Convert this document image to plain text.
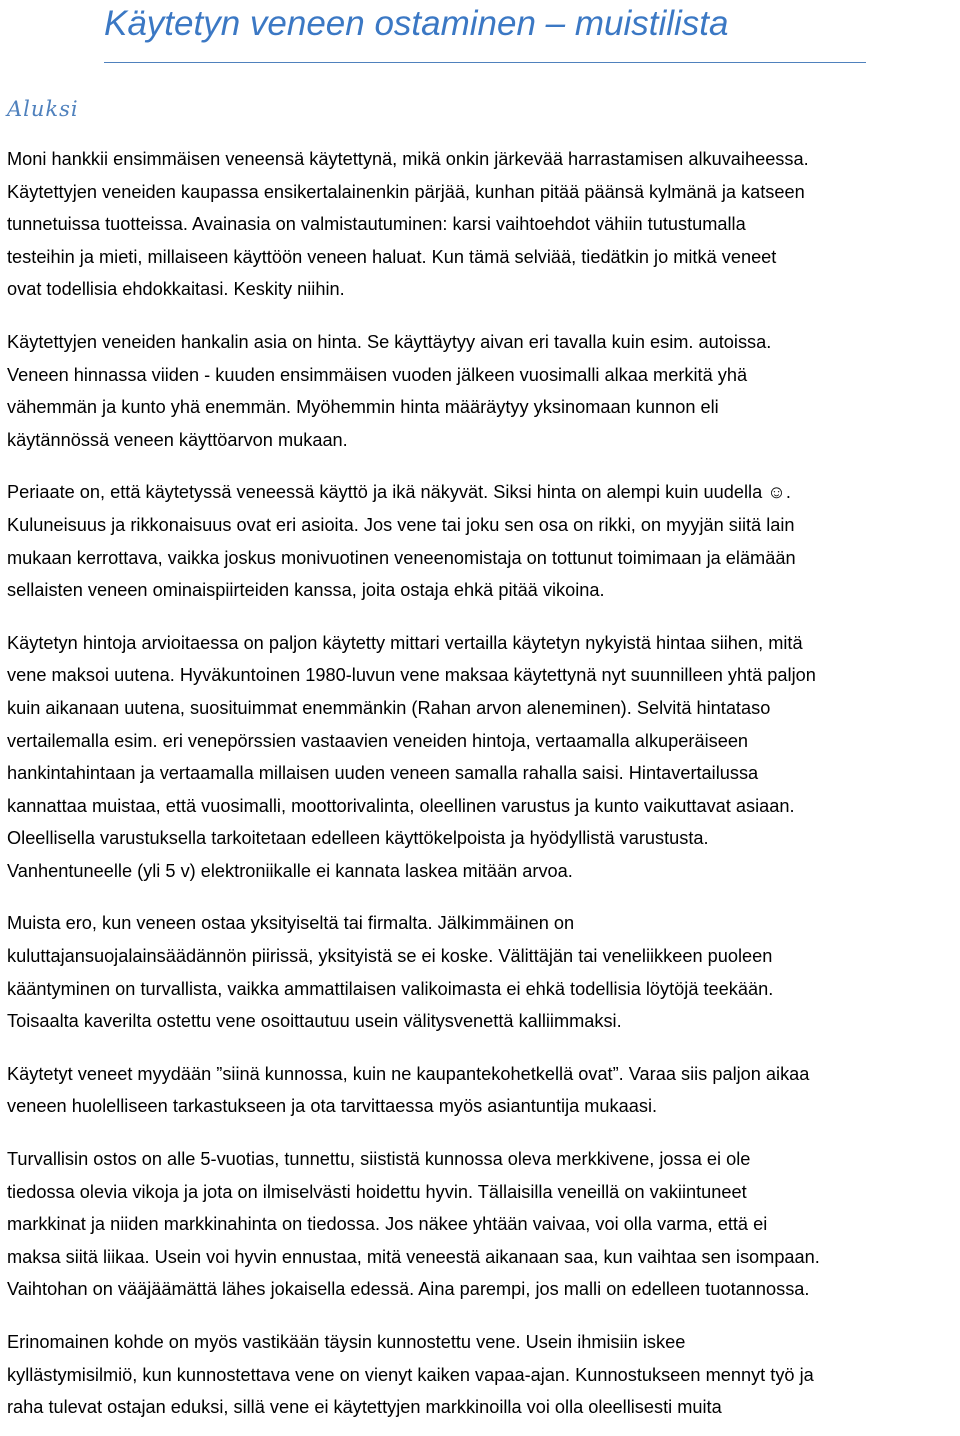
Käytetyn veneen ostaminen – muistilista
Aluksi

Moni hankkii ensimmäisen veneensä käytettynä, mikä onkin järkevää harrastamisen alkuvaiheessa.
Käytettyjen veneiden kaupassa ensikertalainenkin pärjää, kunhan pitää päänsä kylmänä ja katseen
tunnetuissa tuotteissa. Avainasia on valmistautuminen: karsi vaihtoehdot vähiin tutustumalla
testeihin ja mieti, millaiseen käyttöön veneen haluat. Kun tämä selviää, tiedätkin jo mitkä veneet
ovat todellisia ehdokkaitasi. Keskity niihin.

Käytettyjen veneiden hankalin asia on hinta. Se käyttäytyy aivan eri tavalla kuin esim. autoissa.
Veneen hinnassa viiden - kuuden ensimmäisen vuoden jälkeen vuosimalli alkaa merkitä yhä
vähemmän ja kunto yhä enemmän. Myöhemmin hinta määräytyy yksinomaan kunnon eli
käytännössä veneen käyttöarvon mukaan.

Periaate on, että käytetyssä veneessä käyttö ja ikä näkyvät. Siksi hinta on alempi kuin uudella ☺.
Kuluneisuus ja rikkonaisuus ovat eri asioita. Jos vene tai joku sen osa on rikki, on myyjän siitä lain
mukaan kerrottava, vaikka joskus monivuotinen veneenomistaja on tottunut toimimaan ja elämään
sellaisten veneen ominaispiirteiden kanssa, joita ostaja ehkä pitää vikoina.

Käytetyn hintoja arvioitaessa on paljon käytetty mittari vertailla käytetyn nykyistä hintaa siihen, mitä
vene maksoi uutena. Hyväkuntoinen 1980-luvun vene maksaa käytettynä nyt suunnilleen yhtä paljon
kuin aikanaan uutena, suosituimmat enemmänkin (Rahan arvon aleneminen). Selvitä hintataso
vertailemalla esim. eri venepörssien vastaavien veneiden hintoja, vertaamalla alkuperäiseen
hankintahintaan ja vertaamalla millaisen uuden veneen samalla rahalla saisi. Hintavertailussa
kannattaa muistaa, että vuosimalli, moottorivalinta, oleellinen varustus ja kunto vaikuttavat asiaan.
Oleellisella varustuksella tarkoitetaan edelleen käyttökelpoista ja hyödyllistä varustusta.
Vanhentuneelle (yli 5 v) elektroniikalle ei kannata laskea mitään arvoa.

Muista ero, kun veneen ostaa yksityiseltä tai firmalta. Jälkimmäinen on
kuluttajansuojalainsäädännön piirissä, yksityistä se ei koske. Välittäjän tai veneliikkeen puoleen
kääntyminen on turvallista, vaikka ammattilaisen valikoimasta ei ehkä todellisia löytöjä teekään.
Toisaalta kaverilta ostettu vene osoittautuu usein välitysvenettä kalliimmaksi.

Käytetyt veneet myydään ”siinä kunnossa, kuin ne kaupantekohetkellä ovat”. Varaa siis paljon aikaa
veneen huolelliseen tarkastukseen ja ota tarvittaessa myös asiantuntija mukaasi.

Turvallisin ostos on alle 5-vuotias, tunnettu, siististä kunnossa oleva merkkivene, jossa ei ole
tiedossa olevia vikoja ja jota on ilmiselvästi hoidettu hyvin. Tällaisilla veneillä on vakiintuneet
markkinat ja niiden markkinahinta on tiedossa. Jos näkee yhtään vaivaa, voi olla varma, että ei
maksa siitä liikaa. Usein voi hyvin ennustaa, mitä veneestä aikanaan saa, kun vaihtaa sen isompaan.
Vaihtohan on vääjäämättä lähes jokaisella edessä. Aina parempi, jos malli on edelleen tuotannossa.

Erinomainen kohde on myös vastikään täysin kunnostettu vene. Usein ihmisiin iskee
kyllästymisilmiö, kun kunnostettava vene on vienyt kaiken vapaa-ajan. Kunnostukseen mennyt työ ja
raha tulevat ostajan eduksi, sillä vene ei käytettyjen markkinoilla voi olla oleellisesti muita
